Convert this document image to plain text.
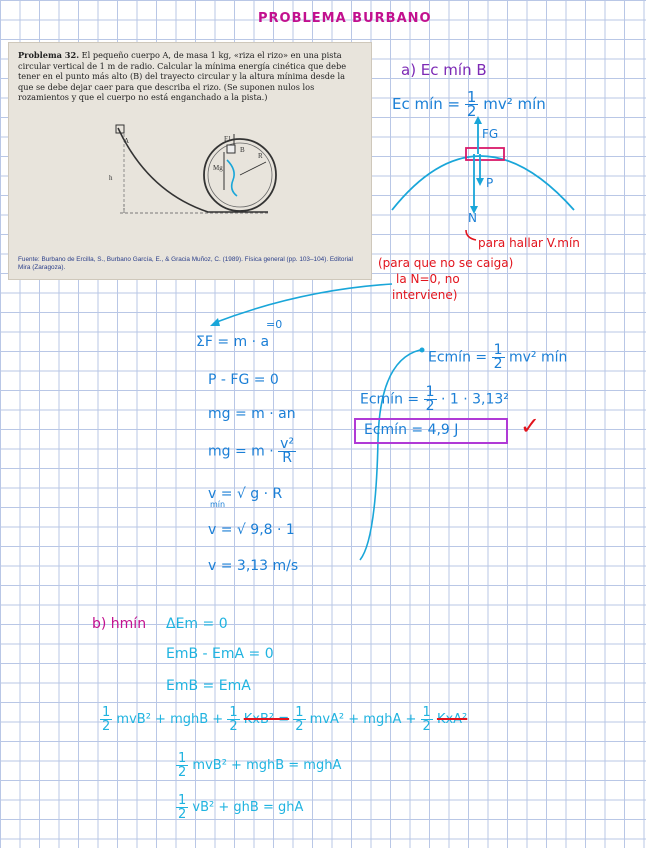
PROBLEMA BURBANO
Problema 32. El pequeño cuerpo A, de masa 1 kg, «riza el rizo» en una pista circular vertical de 1 m de radio. Calcular la mínima energía cinética que debe tener en el punto más alto (B) del trayecto circular y la altura mínima desde la que se debe dejar caer para que describa el rizo. (Se suponen nulos los rozamientos y que el cuerpo no está enganchado a la pista.)
A
h
F1
B
Mg
R
Fuente: Burbano de Ercilla, S., Burbano García, E., & Gracia Muñoz, C. (1989). Física general (pp. 103–104). Editorial Mira (Zaragoza).
a) Ec mín B
Ec mín = $\frac{1}{2} mv^2$ mín
FG
P
N
para hallar V.mín
(para que no se caiga)
la N=0, no
interviene)
ΣF = m · a
=0
P - FG = 0
mg = m · an
mg = $m \cdot \frac{\text{v²}}{R}$
v = √ g · R
mín
v = √ 9,8 · 1
v = 3,13 m/s
Ecmín = $\frac{1}{2} mv^2$ mín
Ecmín = $\frac{1}{2} \cdot 1 \cdot 3,13^2$
Ecmín = 4,9 J	✓
b) hmín ΔEm = 0
EmB - EmA = 0
EmB = EmA
$\frac{1}{2} mvB^2$ + mghB + $\frac{1}{2} KxB^2 = \frac{1}{2} mvA^2$ + mghA + $\frac{1}{2} KxA^2$
$\frac{1}{2} mvB^2$ + mghB = mghA
$\frac{1}{2} vB^2$ + ghB = ghA
